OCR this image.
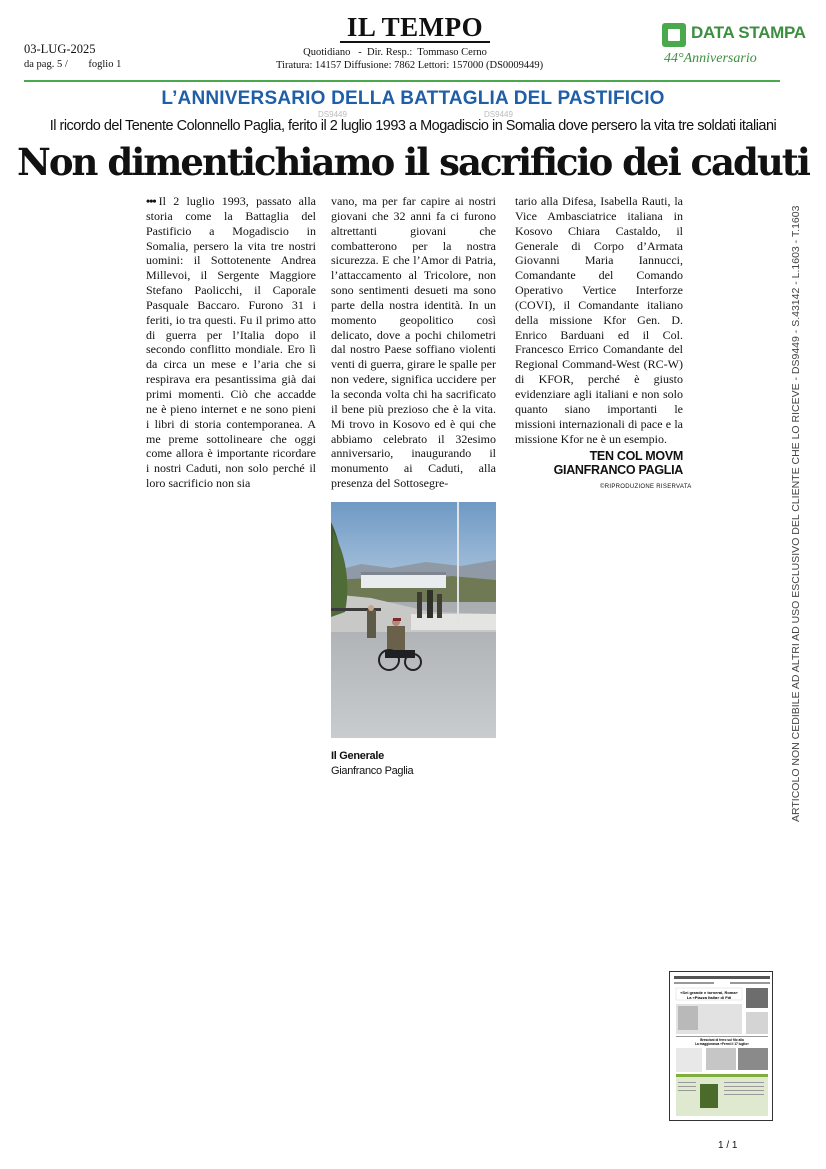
03-LUG-2025
da pag. 5 / foglio 1
IL TEMPO
Quotidiano   -  Dir. Resp.:  Tommaso Cerno
Tiratura: 14157 Diffusione: 7862 Lettori: 157000 (DS0009449)
DATA STAMPA
44°Anniversario
L’ANNIVERSARIO DELLA BATTAGLIA DEL PASTIFICIO
DS9449	DS9449
Il ricordo del Tenente Colonnello Paglia, ferito il 2 luglio 1993 a Mogadiscio in Somalia dove persero la vita tre soldati italiani
Non dimentichiamo il sacrificio dei caduti
••• Il 2 luglio 1993, passato alla storia come la Battaglia del Pastificio a Mogadiscio in Somalia, persero la vita tre nostri uomini: il Sottotenente Andrea Millevoi, il Sergente Maggiore Stefano Paolicchi, il Caporale Pasquale Baccaro. Furono 31 i feriti, io tra questi. Fu il primo atto di guerra per l’Italia dopo il secondo conflitto mondiale. Ero lì da circa un mese e l’aria che si respirava era pesantissima già dai primi momenti. Ciò che accadde ne è pieno internet e ne sono pieni i libri di storia contemporanea. A me preme sottolineare che oggi come allora è importante ricordare i nostri Caduti, non solo perché il loro sacrificio non sia
vano, ma per far capire ai nostri giovani che 32 anni fa ci furono altrettanti giovani che combatterono per la nostra sicurezza. E che l’Amor di Patria, l’attaccamento al Tricolore, non sono sentimenti desueti ma sono parte della nostra identità. In un momento geopolitico così delicato, dove a pochi chilometri dal nostro Paese soffiano violenti venti di guerra, girare le spalle per non vedere, significa uccidere per la seconda volta chi ha sacrificato il bene più prezioso che è la vita. Mi trovo in Kosovo ed è qui che abbiamo celebrato il 32esimo anniversario, inaugurando il monumento ai Caduti, alla presenza del Sottosegre-
tario alla Difesa, Isabella Rauti, la Vice Ambasciatrice italiana in Kosovo Chiara Castaldo, il Generale di Corpo d’Armata Giovanni Maria Iannucci, Comandante del Comando Operativo Vertice Interforze (COVI), il Comandante italiano della missione Kfor Gen. D. Enrico Barduani ed il Col. Francesco Errico Comandante del Regional Command-West (RC-W) di KFOR, perché è giusto evidenziare agli italiani e non solo quanto siano importanti le missioni internazionali di pace e la missione Kfor ne è un esempio.
TEN COL MOVM
GIANFRANCO PAGLIA
©RIPRODUZIONE RISERVATA
Il Generale
Gianfranco Paglia	ARTICOLO NON CEDIBILE AD ALTRI AD USO ESCLUSIVO DEL CLIENTE CHE LO RICEVE - DS9449 - S.43142 - L.1603 - T.1603
«Sei grande e tornerai, Roma»
La «Piazza Italia» di Fdi
Bresciani di ferro sul filo alla
La maggioranza «Fermi il 17 luglio»
1 / 1
